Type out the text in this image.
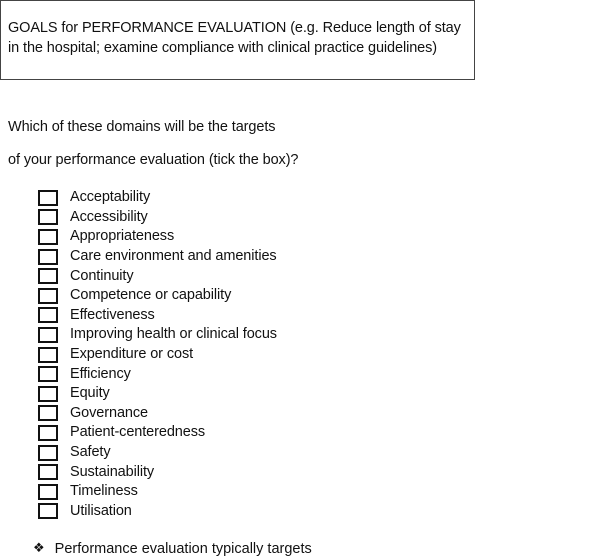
GOALS for PERFORMANCE EVALUATION (e.g. Reduce length of stay
in the hospital; examine compliance with clinical practice guidelines)
Which of these domains will be the targets
of your performance evaluation (tick the box)?
Acceptability
Accessibility
Appropriateness
Care environment and amenities
Continuity
Competence or capability
Effectiveness
Improving health or clinical focus
Expenditure or cost
Efficiency
Equity
Governance
Patient-centeredness
Safety
Sustainability
Timeliness
Utilisation
❖ Performance evaluation typically targets
